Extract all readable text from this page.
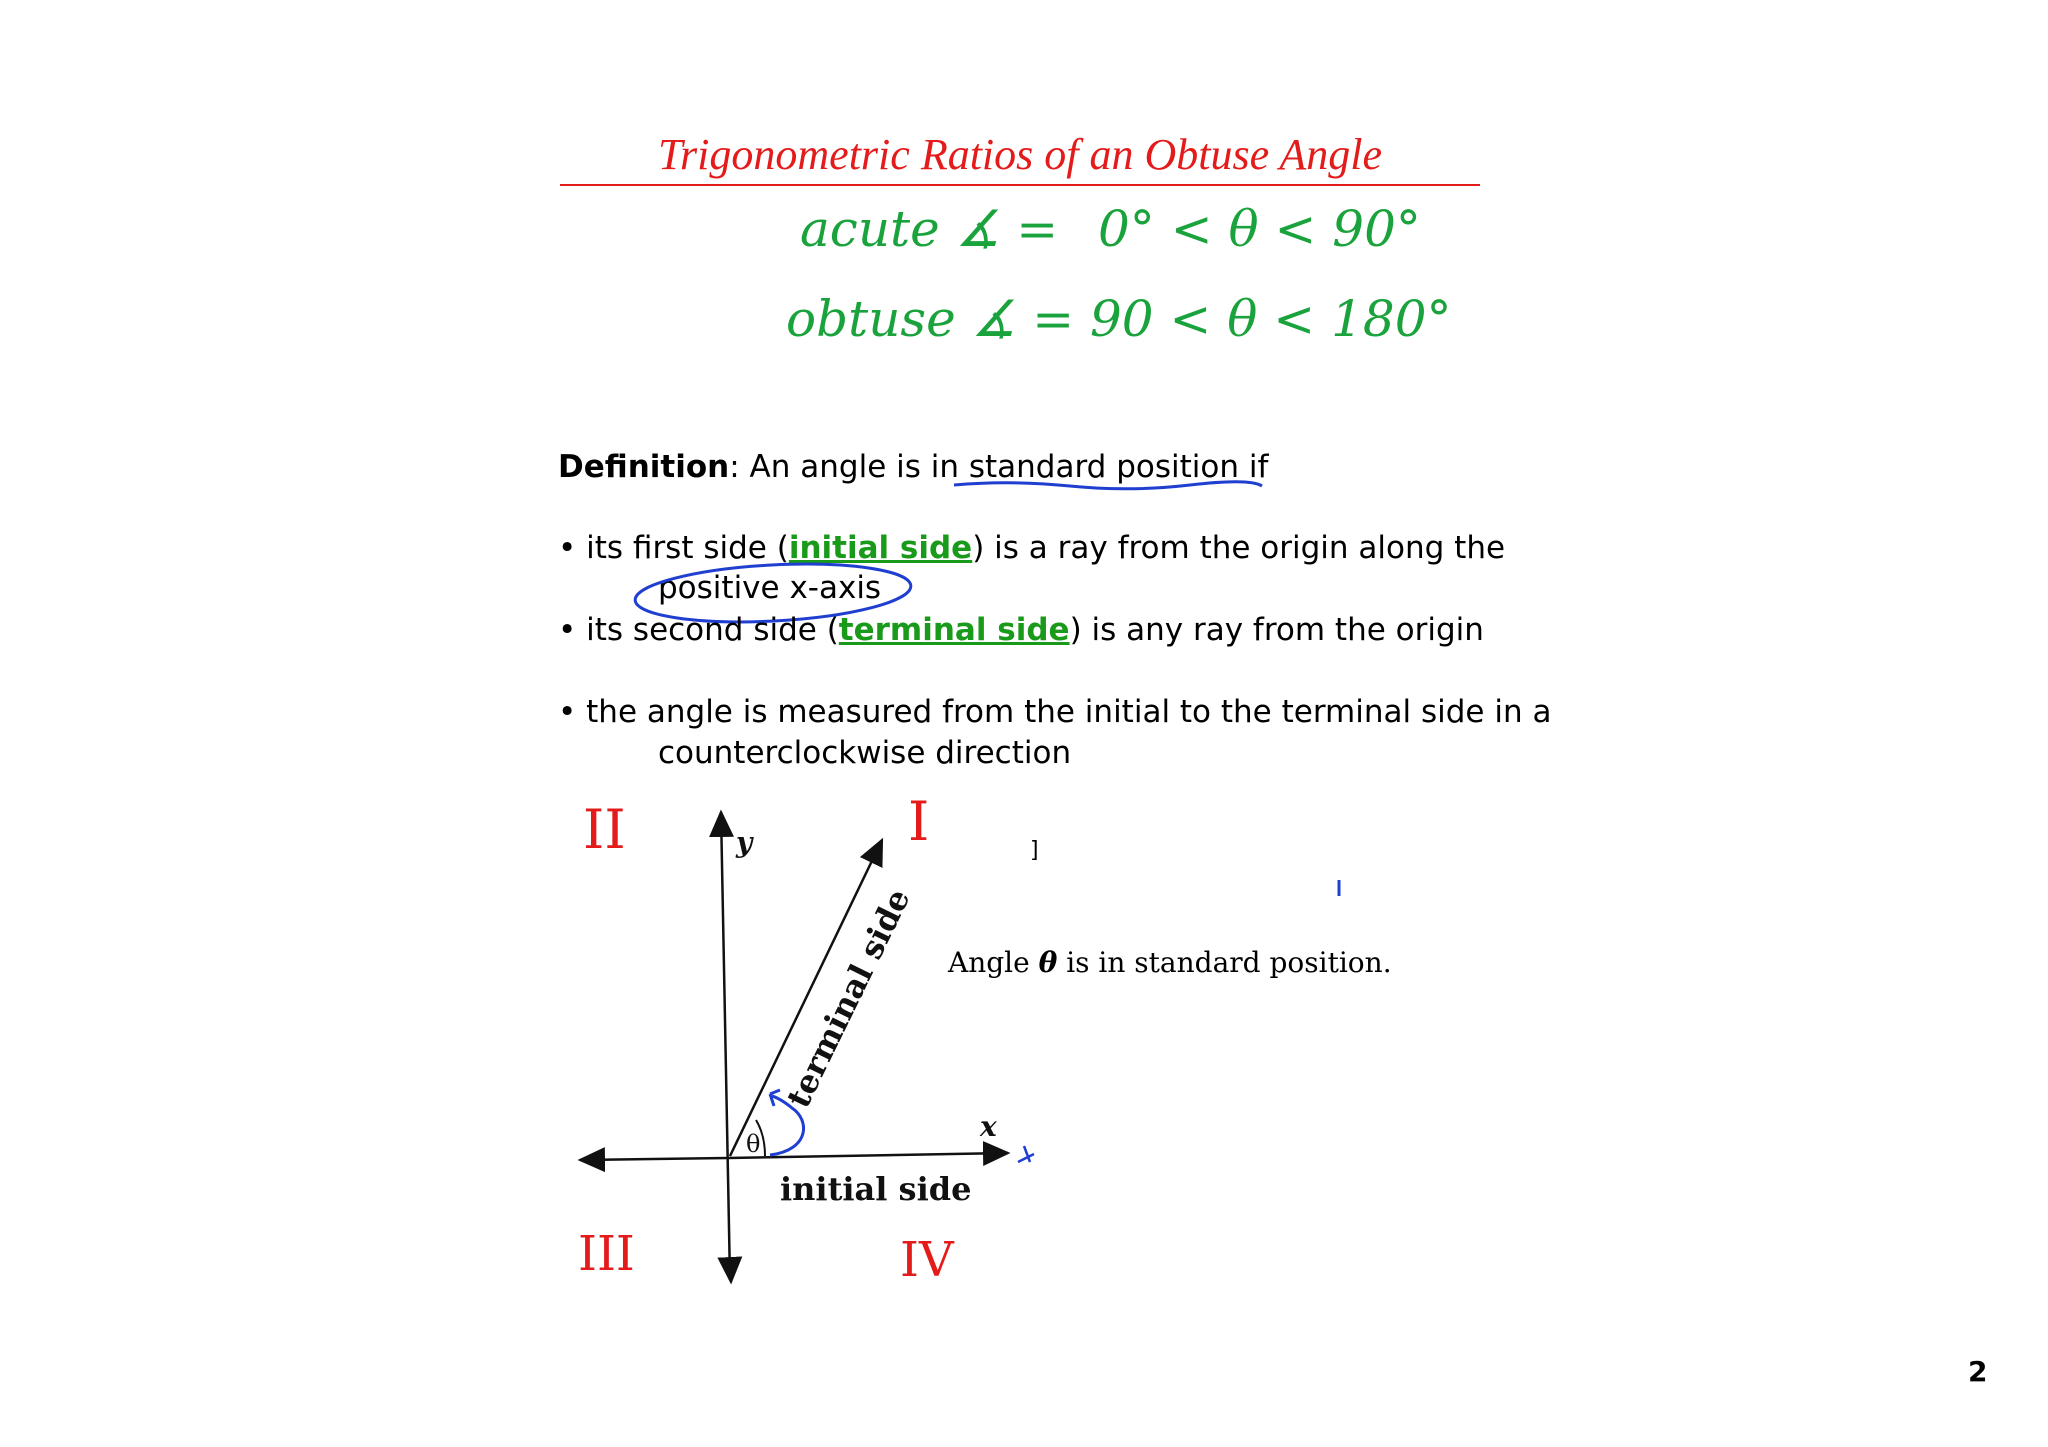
Trigonometric Ratios of an Obtuse Angle
acute ∡ = 0° < θ < 90°
obtuse ∡ = 90 < θ < 180°
Definition: An angle is in standard position if
• its first side (initial side) is a ray from the origin along the
positive x-axis
• its second side (terminal side) is any ray from the origin
• the angle is measured from the initial to the terminal side in a
counterclockwise direction
y
x
θ
terminal side
initial side
II	I
III	IV
]
Angle θ is in standard position.
2
